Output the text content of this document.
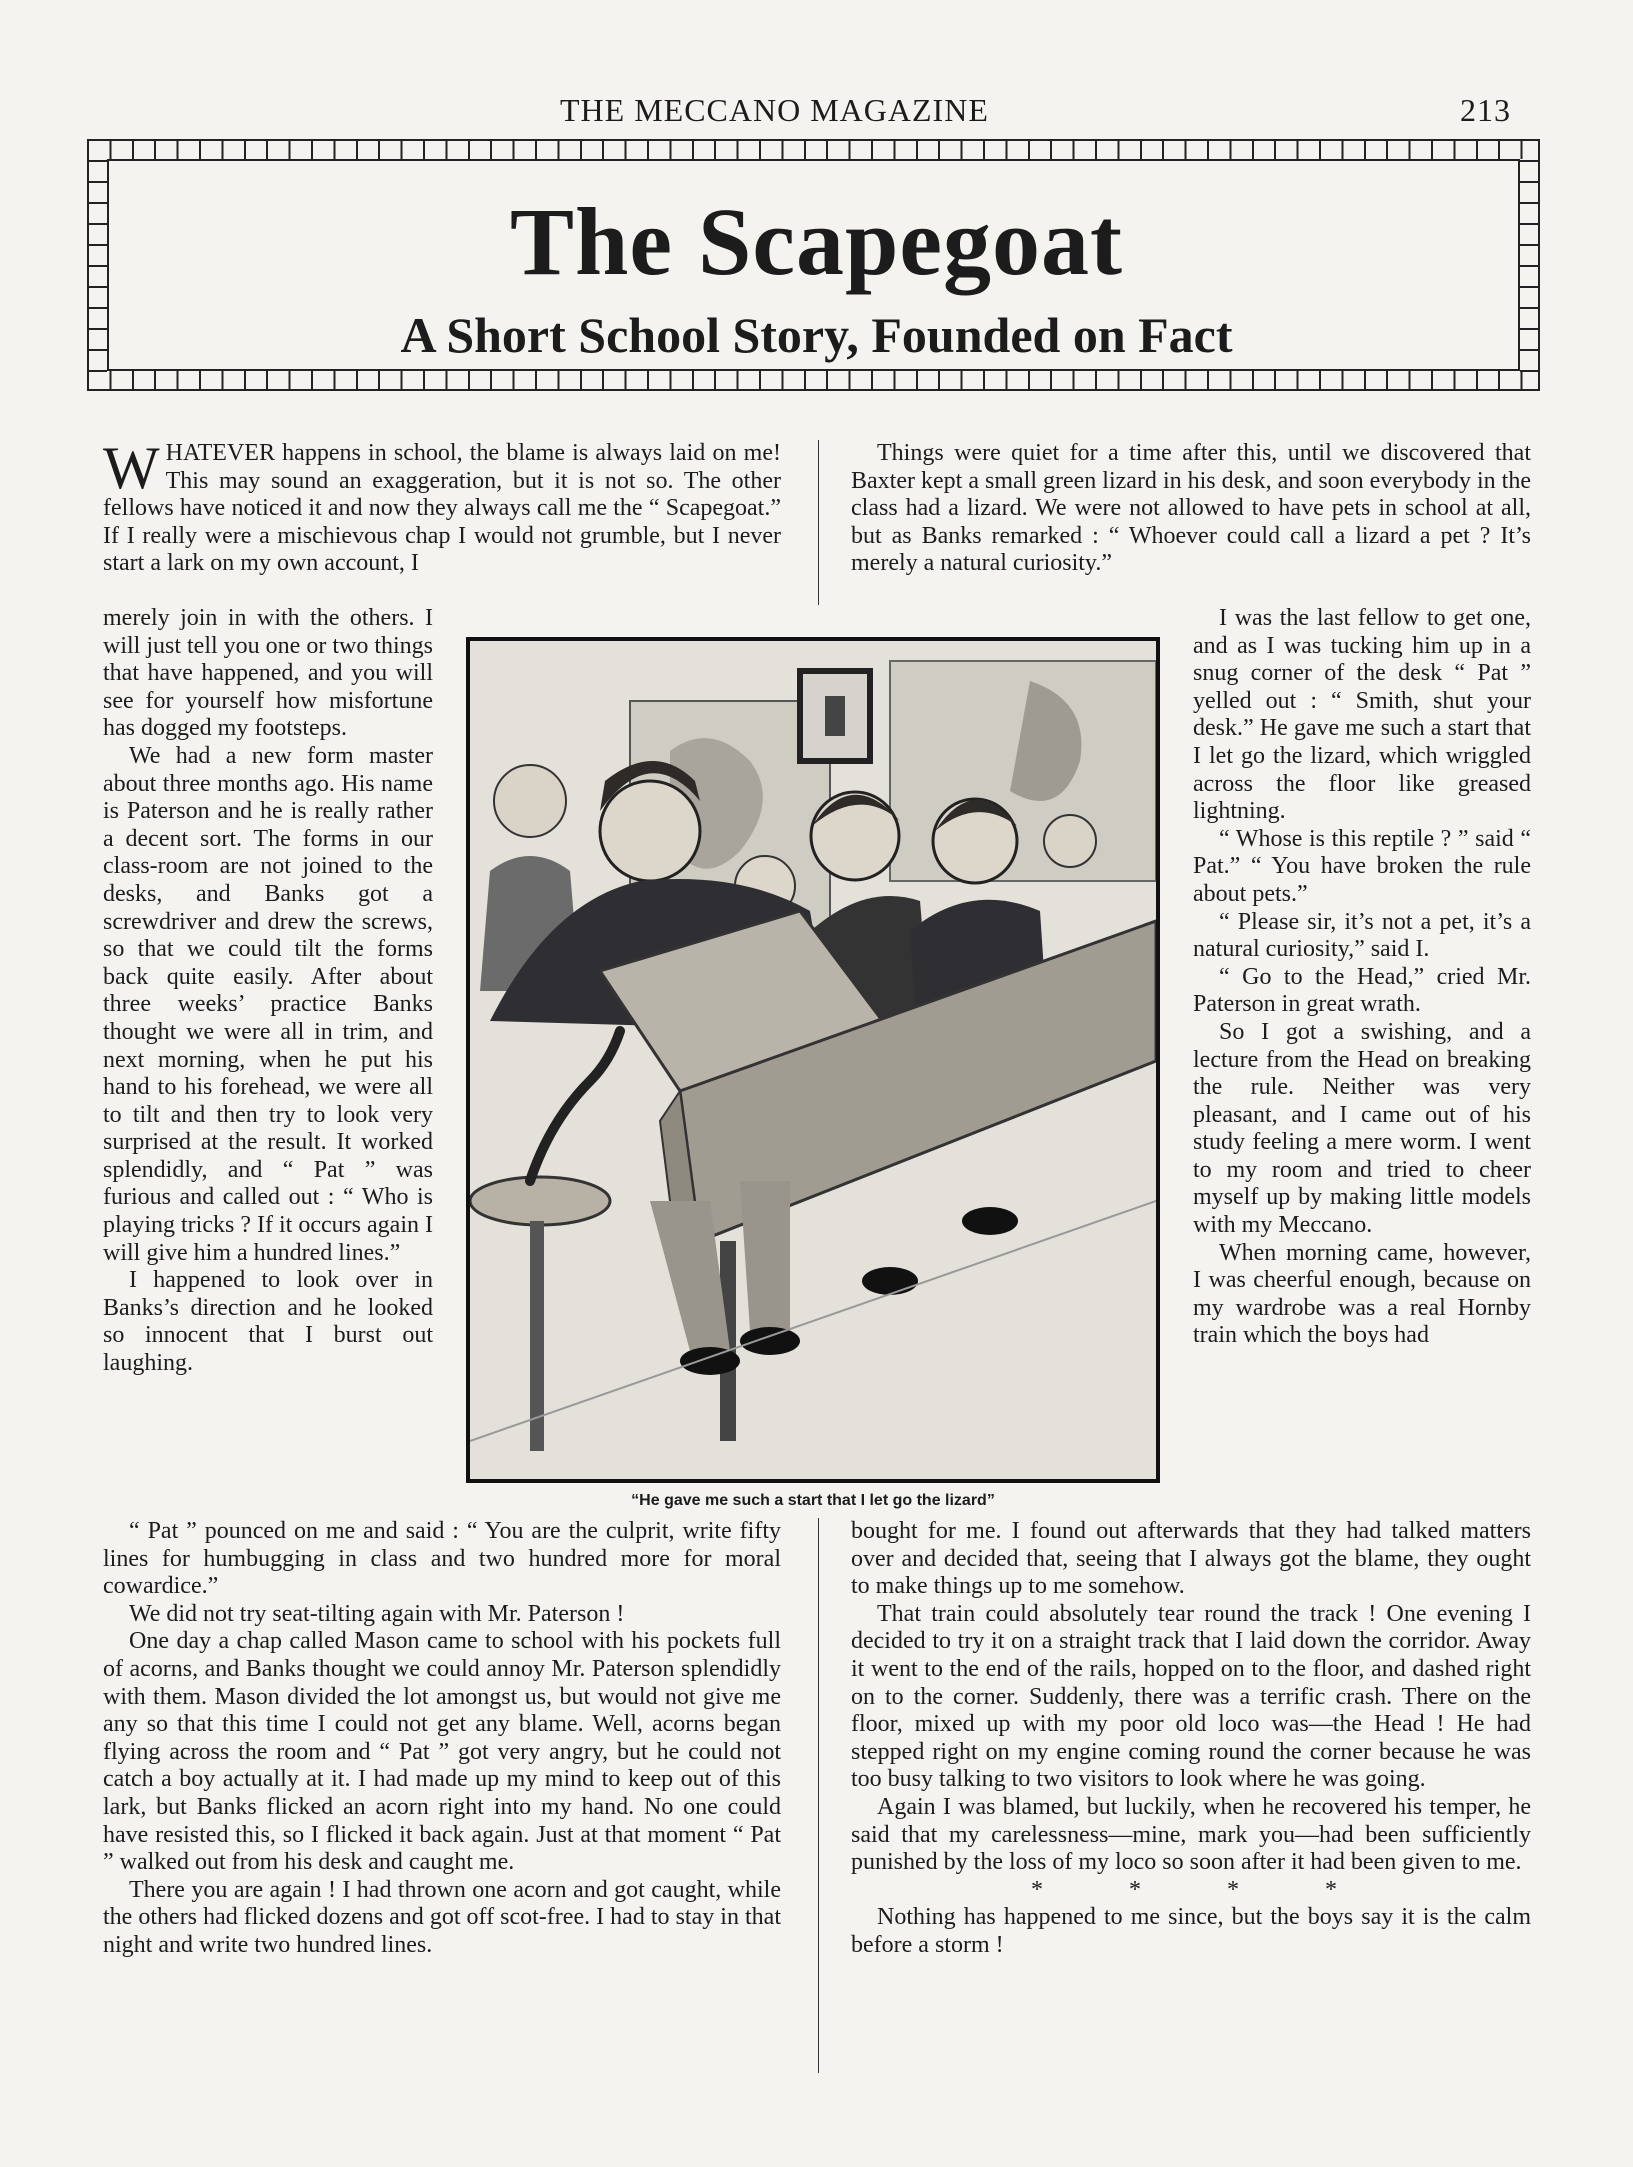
THE MECCANO MAGAZINE	213
The Scapegoat
A Short School Story, Founded on Fact

WHATEVER happens in school, the blame is always laid on me! This may sound an exaggeration, but it is not so. The other fellows have noticed it and now they always call me the “ Scapegoat.” If I really were a mischievous chap I would not grumble, but I never start a lark on my own account, I

merely join in with the others. I will just tell you one or two things that have happened, and you will see for yourself how misfortune has dogged my footsteps.

We had a new form master about three months ago. His name is Paterson and he is really rather a decent sort. The forms in our class-room are not joined to the desks, and Banks got a screwdriver and drew the screws, so that we could tilt the forms back quite easily. After about three weeks’ practice Banks thought we were all in trim, and next morning, when he put his hand to his forehead, we were all to tilt and then try to look very surprised at the result. It worked splendidly, and “ Pat ” was furious and called out : “ Who is playing tricks ? If it occurs again I will give him a hundred lines.”

I happened to look over in Banks’s direction and he looked so innocent that I burst out laughing.

“ Pat ” pounced on me and said : “ You are the culprit, write fifty lines for humbugging in class and two hundred more for moral cowardice.”

We did not try seat-tilting again with Mr. Paterson !

One day a chap called Mason came to school with his pockets full of acorns, and Banks thought we could annoy Mr. Paterson splendidly with them. Mason divided the lot amongst us, but would not give me any so that this time I could not get any blame. Well, acorns began flying across the room and “ Pat ” got very angry, but he could not catch a boy actually at it. I had made up my mind to keep out of this lark, but Banks flicked an acorn right into my hand. No one could have resisted this, so I flicked it back again. Just at that moment “ Pat ” walked out from his desk and caught me.

There you are again ! I had thrown one acorn and got caught, while the others had flicked dozens and got off scot-free. I had to stay in that night and write two hundred lines.

Things were quiet for a time after this, until we discovered that Baxter kept a small green lizard in his desk, and soon everybody in the class had a lizard. We were not allowed to have pets in school at all, but as Banks remarked : “ Whoever could call a lizard a pet ? It’s merely a natural curiosity.”

I was the last fellow to get one, and as I was tucking him up in a snug corner of the desk “ Pat ” yelled out : “ Smith, shut your desk.” He gave me such a start that I let go the lizard, which wriggled across the floor like greased lightning.

“ Whose is this reptile ? ” said “ Pat.” “ You have broken the rule about pets.”

“ Please sir, it’s not a pet, it’s a natural curiosity,” said I.

“ Go to the Head,” cried Mr. Paterson in great wrath.

So I got a swishing, and a lecture from the Head on breaking the rule. Neither was very pleasant, and I came out of his study feeling a mere worm. I went to my room and tried to cheer myself up by making little models with my Meccano.

When morning came, however, I was cheerful enough, because on my wardrobe was a real Hornby train which the boys had

bought for me. I found out afterwards that they had talked matters over and decided that, seeing that I always got the blame, they ought to make things up to me somehow.

That train could absolutely tear round the track ! One evening I decided to try it on a straight track that I laid down the corridor. Away it went to the end of the rails, hopped on to the floor, and dashed right on to the corner. Suddenly, there was a terrific crash. There on the floor, mixed up with my poor old loco was—the Head ! He had stepped right on my engine coming round the corner because he was too busy talking to two visitors to look where he was going.

Again I was blamed, but luckily, when he recovered his temper, he said that my carelessness—mine, mark you—had been sufficiently punished by the loss of my loco so soon after it had been given to me.

* * * *

Nothing has happened to me since, but the boys say it is the calm before a storm !

“He gave me such a start that I let go the lizard”
